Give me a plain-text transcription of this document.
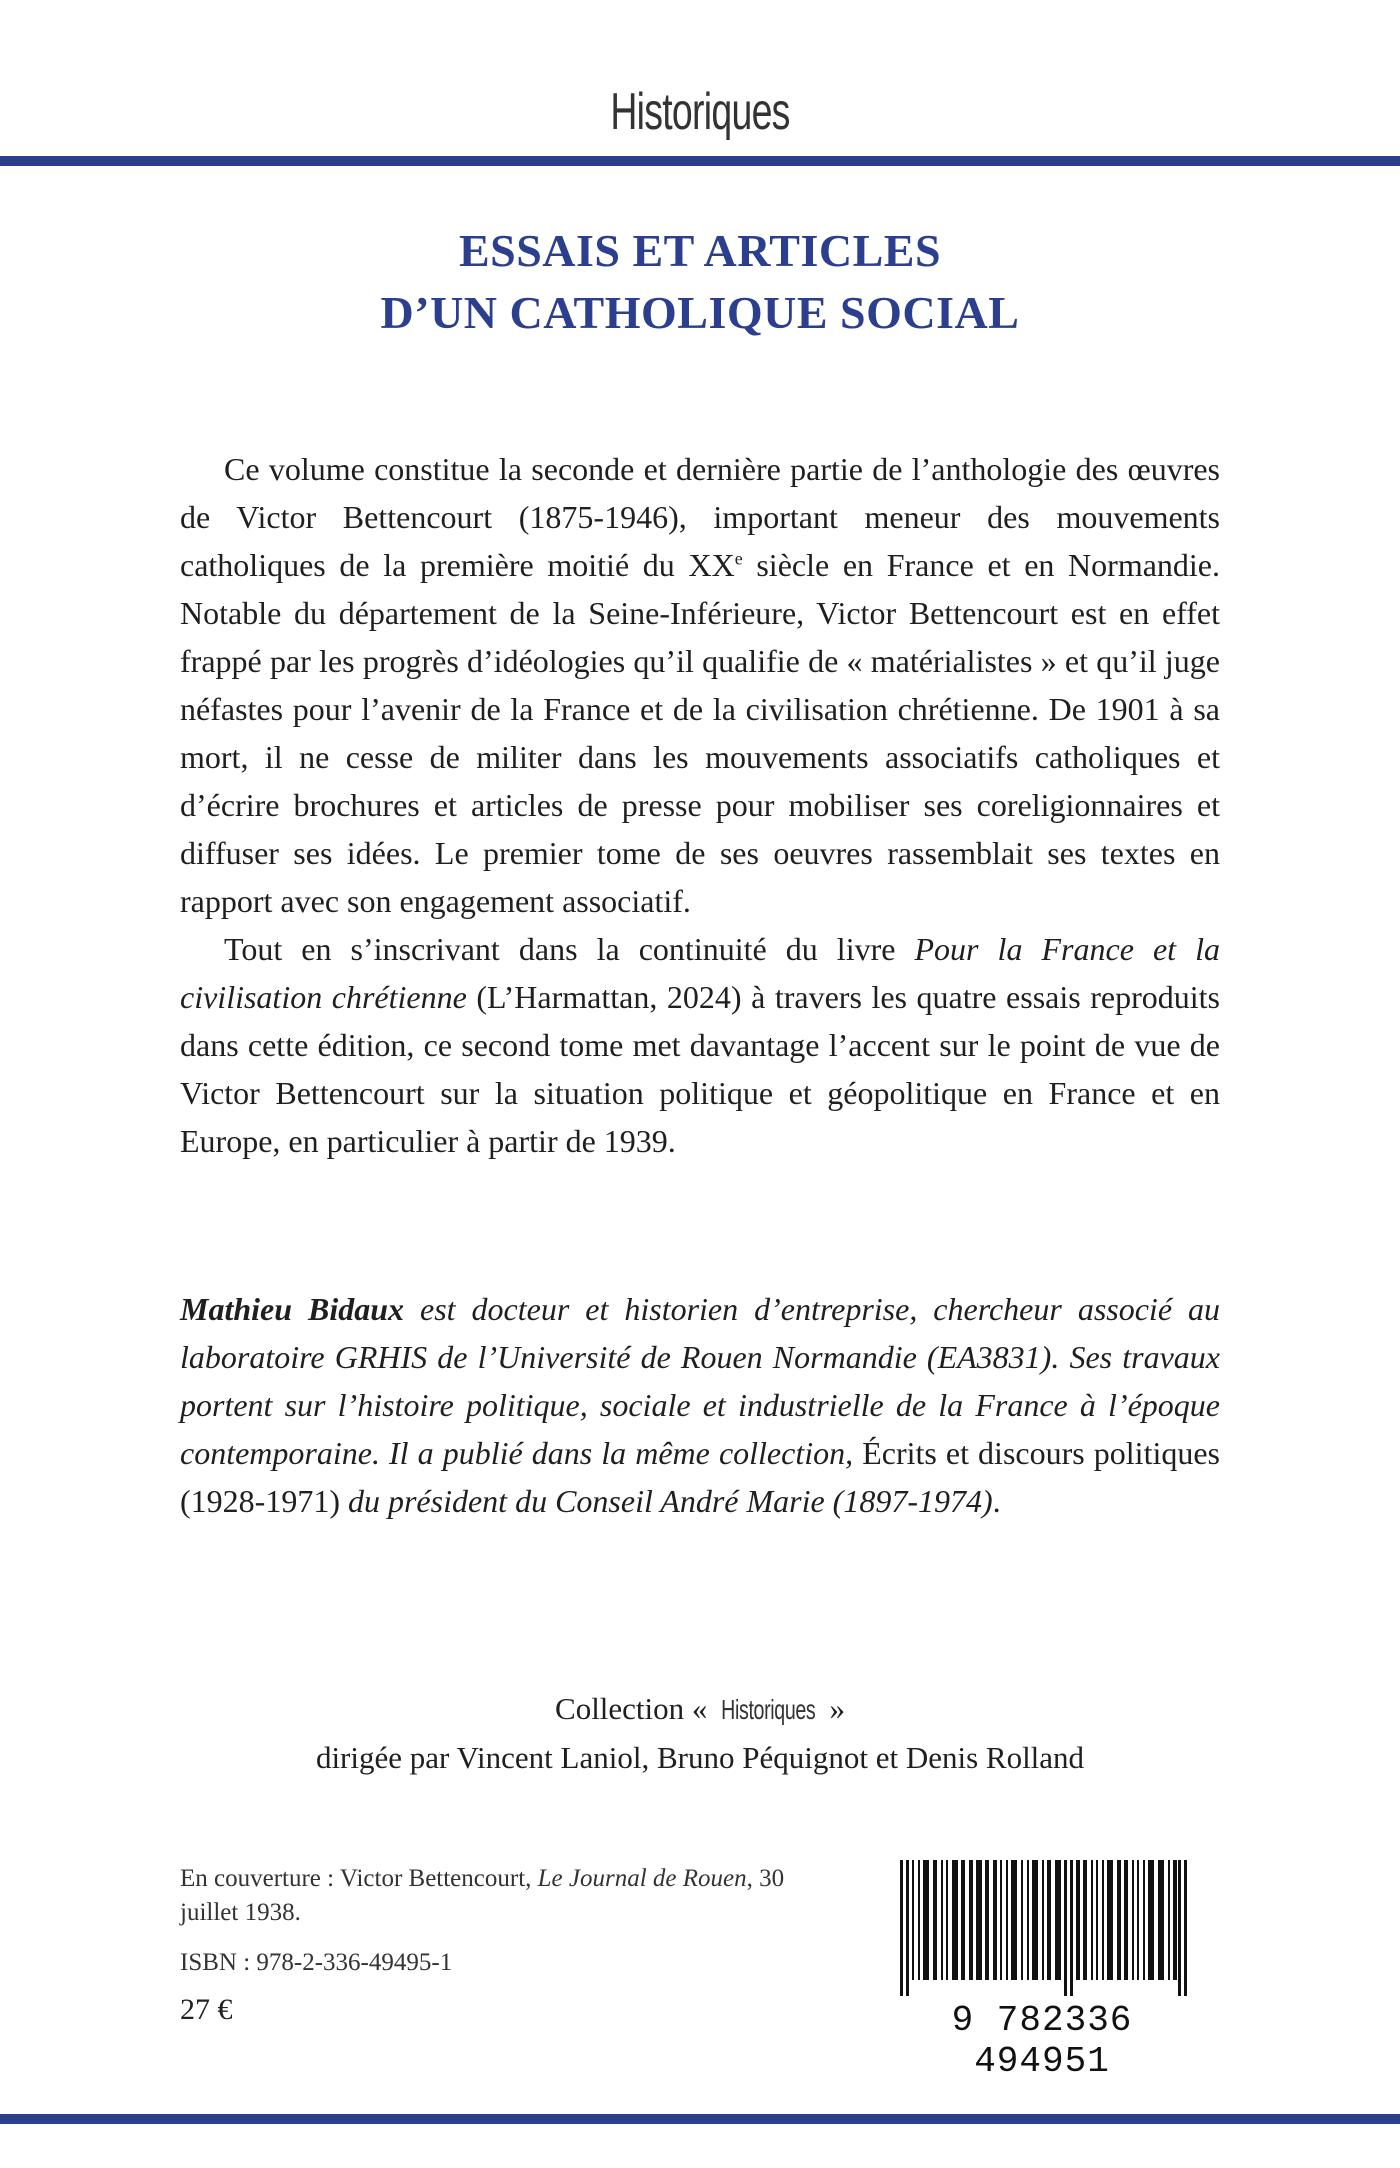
Historiques
ESSAIS ET ARTICLES
D’UN CATHOLIQUE SOCIAL

Ce volume constitue la seconde et dernière partie de l’anthologie des œuvres de Victor Bettencourt (1875-1946), important meneur des mouvements catholiques de la première moitié du XXe siècle en France et en Normandie. Notable du département de la Seine-Inférieure, Victor Bettencourt est en effet frappé par les progrès d’idéologies qu’il qualifie de « matérialistes » et qu’il juge néfastes pour l’avenir de la France et de la civilisation chrétienne. De 1901 à sa mort, il ne cesse de militer dans les mouvements associatifs catholiques et d’écrire brochures et articles de presse pour mobiliser ses coreligionnaires et diffuser ses idées. Le premier tome de ses oeuvres rassemblait ses textes en rapport avec son engagement associatif.

Tout en s’inscrivant dans la continuité du livre Pour la France et la civilisation chrétienne (L’Harmattan, 2024) à travers les quatre essais reproduits dans cette édition, ce second tome met davantage l’accent sur le point de vue de Victor Bettencourt sur la situation politique et géopolitique en France et en Europe, en particulier à partir de 1939.

Mathieu Bidaux est docteur et historien d’entreprise, chercheur associé au laboratoire GRHIS de l’Université de Rouen Normandie (EA3831). Ses travaux portent sur l’histoire politique, sociale et industrielle de la France à l’époque contemporaine. Il a publié dans la même collection, Écrits et discours politiques (1928-1971) du président du Conseil André Marie (1897-1974).
Collection « Historiques »
dirigée par Vincent Laniol, Bruno Péquignot et Denis Rolland
En couverture : Victor Bettencourt, Le Journal de Rouen, 30 juillet 1938.
ISBN : 978-2-336-49495-1
27 €	9 782336 494951
